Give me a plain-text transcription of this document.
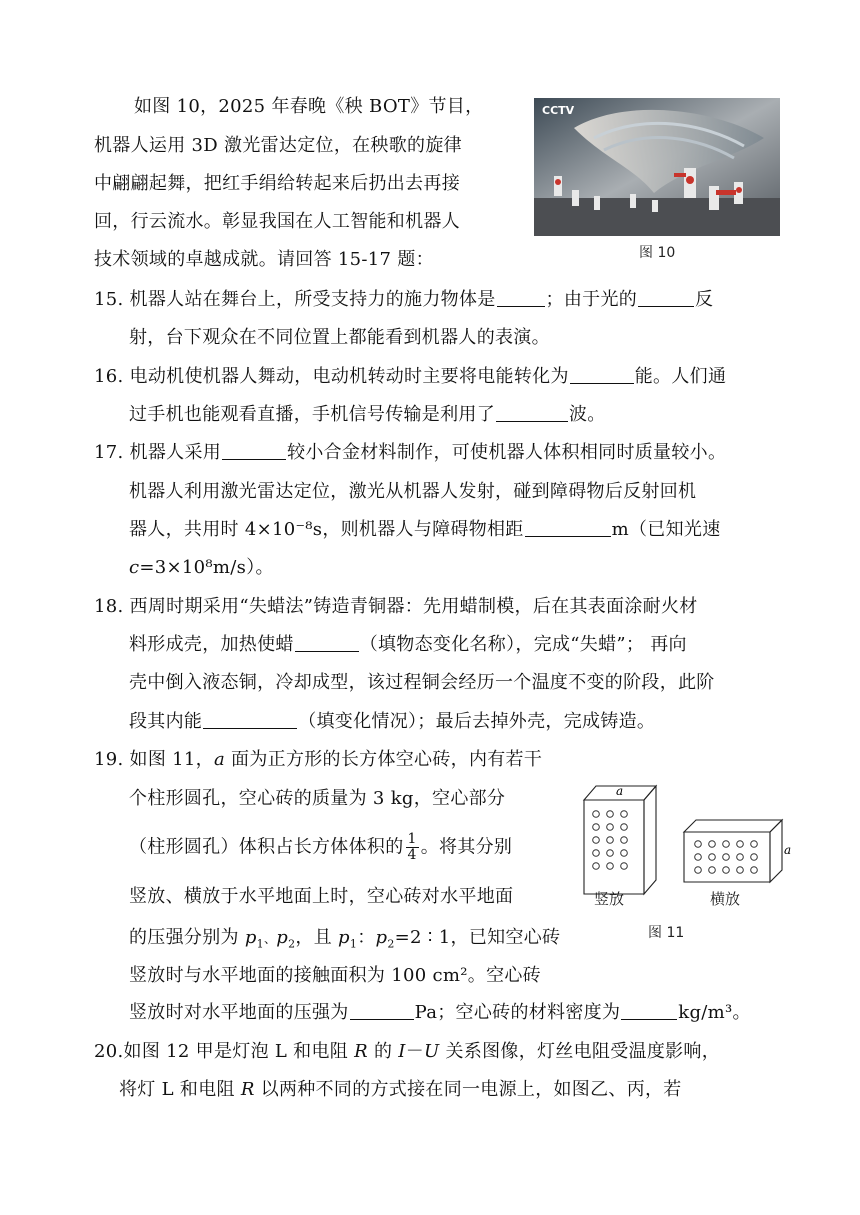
如图 10，2025 年春晚《秧 BOT》节目，
机器人运用 3D 激光雷达定位，在秧歌的旋律
中翩翩起舞，把红手绢给转起来后扔出去再接
回，行云流水。彰显我国在人工智能和机器人
技术领域的卓越成就。请回答 15-17 题：
CCTV
图 10
15. 机器人站在舞台上，所受支持力的施力物体是	；由于光的	反
射，台下观众在不同位置上都能看到机器人的表演。
16. 电动机使机器人舞动，电动机转动时主要将电能转化为	能。人们通
过手机也能观看直播，手机信号传输是利用了	波。
17. 机器人采用	较小合金材料制作，可使机器人体积相同时质量较小。
机器人利用激光雷达定位，激光从机器人发射，碰到障碍物后反射回机
器人，共用时 4×10⁻⁸s，则机器人与障碍物相距	m（已知光速
c=3×10⁸m/s）。
18. 西周时期采用“失蜡法”铸造青铜器：先用蜡制模，后在其表面涂耐火材
料形成壳，加热使蜡	（填物态变化名称），完成“失蜡”； 再向
壳中倒入液态铜，冷却成型，该过程铜会经历一个温度不变的阶段，此阶
段其内能	（填变化情况）；最后去掉外壳，完成铸造。
19. 如图 11，a 面为正方形的长方体空心砖，内有若干
个柱形圆孔，空心砖的质量为 3 kg，空心部分
（柱形圆孔）体积占长方体体积的 $\frac{1}{4}$ 。将其分别
竖放、横放于水平地面上时，空心砖对水平地面
的压强分别为 $p_1$、$p_2$，且 $p_1$：$p_2=2$ ∶ 1，已知空心砖
竖放时与水平地面的接触面积为 100 cm²。空心砖
竖放时对水平地面的压强为	Pa；空心砖的材料密度为	kg/m³。
a
a
竖放	横放
图 11
20.如图 12 甲是灯泡 L 和电阻 R 的 I－U 关系图像，灯丝电阻受温度影响，
将灯 L 和电阻 R 以两种不同的方式接在同一电源上，如图乙、丙，若
